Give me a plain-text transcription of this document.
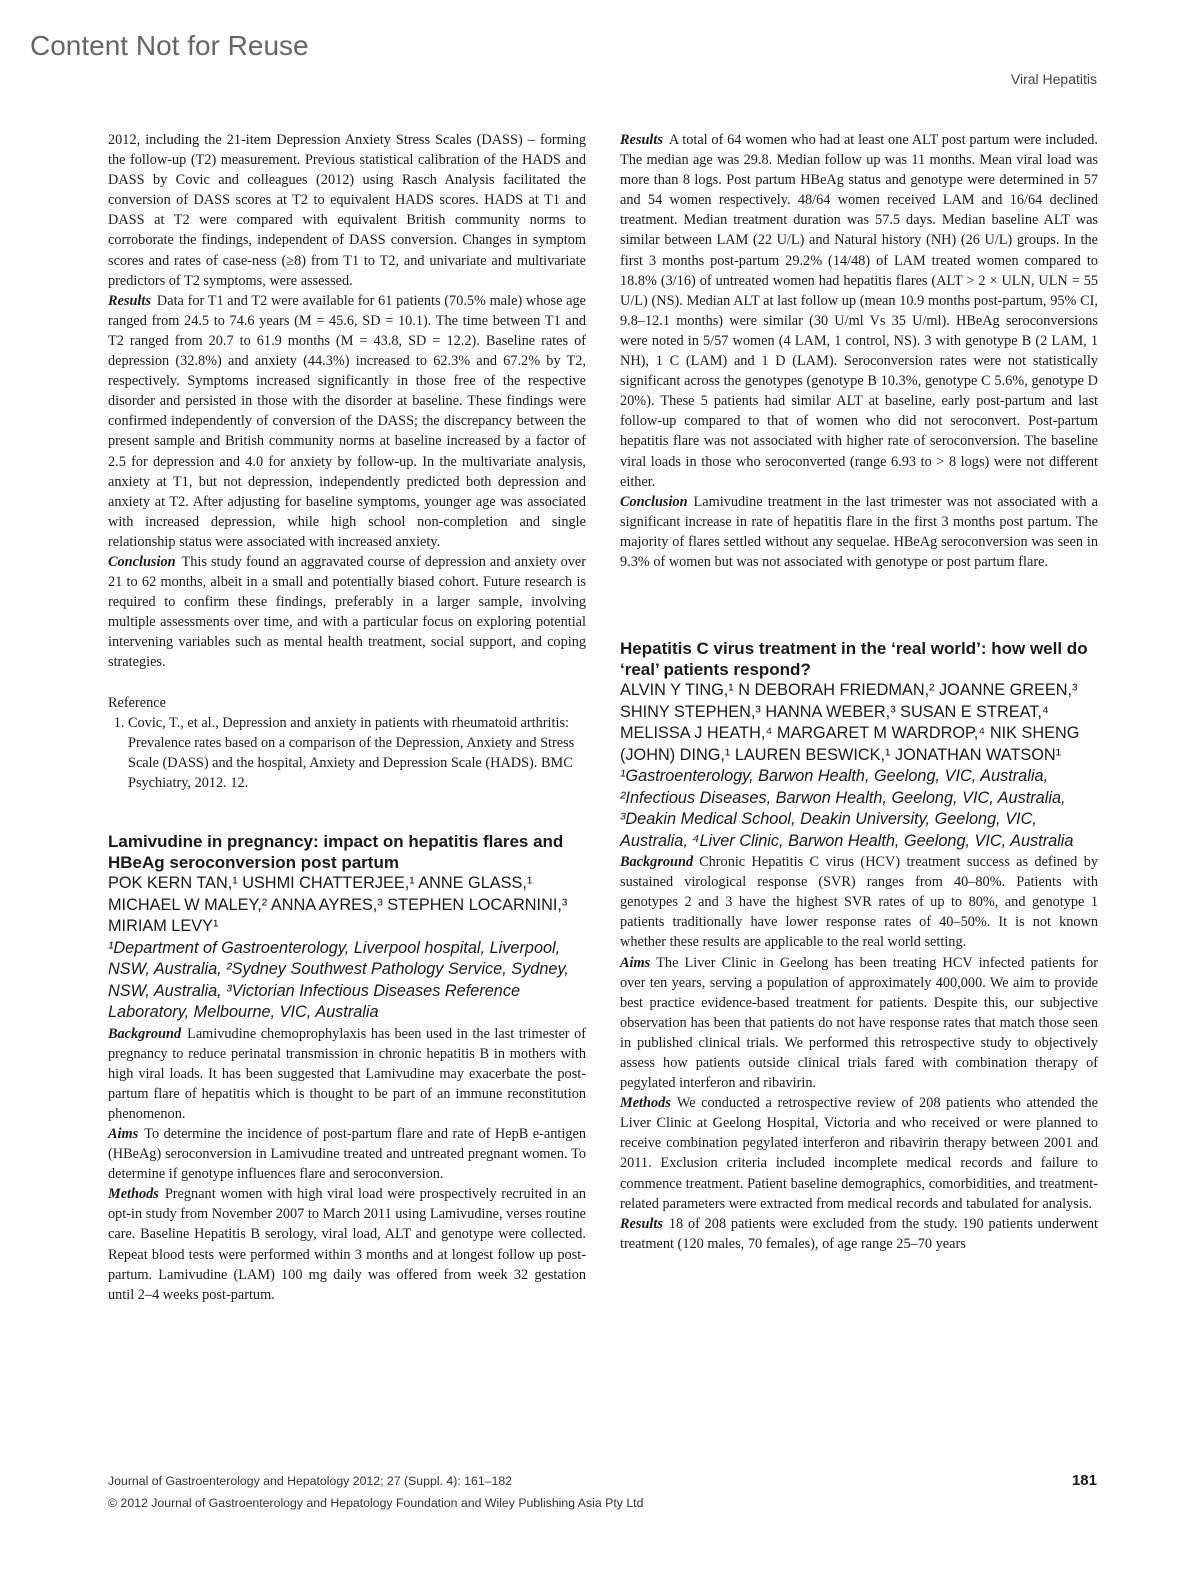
Content Not for Reuse
Viral Hepatitis

2012, including the 21-item Depression Anxiety Stress Scales (DASS) – forming the follow-up (T2) measurement. Previous statistical calibration of the HADS and DASS by Covic and colleagues (2012) using Rasch Analysis facilitated the conversion of DASS scores at T2 to equivalent HADS scores. HADS at T1 and DASS at T2 were compared with equivalent British community norms to corroborate the findings, independent of DASS conversion. Changes in symptom scores and rates of case-ness (≥8) from T1 to T2, and univariate and multivariate predictors of T2 symptoms, were assessed.

Results Data for T1 and T2 were available for 61 patients (70.5% male) whose age ranged from 24.5 to 74.6 years (M = 45.6, SD = 10.1). The time between T1 and T2 ranged from 20.7 to 61.9 months (M = 43.8, SD = 12.2). Baseline rates of depression (32.8%) and anxiety (44.3%) increased to 62.3% and 67.2% by T2, respectively. Symptoms increased significantly in those free of the respective disorder and persisted in those with the disorder at baseline. These findings were confirmed independently of conversion of the DASS; the discrepancy between the present sample and British community norms at baseline increased by a factor of 2.5 for depression and 4.0 for anxiety by follow-up. In the multivariate analysis, anxiety at T1, but not depression, independently predicted both depression and anxiety at T2. After adjusting for baseline symptoms, younger age was associated with increased depression, while high school non-completion and single relationship status were associated with increased anxiety.

Conclusion This study found an aggravated course of depression and anxiety over 21 to 62 months, albeit in a small and potentially biased cohort. Future research is required to confirm these findings, preferably in a larger sample, involving multiple assessments over time, and with a particular focus on exploring potential intervening variables such as mental health treatment, social support, and coping strategies.

Reference

1. Covic, T., et al., Depression and anxiety in patients with rheumatoid arthritis: Prevalence rates based on a comparison of the Depression, Anxiety and Stress Scale (DASS) and the hospital, Anxiety and Depression Scale (HADS). BMC Psychiatry, 2012. 12.
Lamivudine in pregnancy: impact on hepatitis flares and HBeAg seroconversion post partum

POK KERN TAN,¹ USHMI CHATTERJEE,¹ ANNE GLASS,¹ MICHAEL W MALEY,² ANNA AYRES,³ STEPHEN LOCARNINI,³ MIRIAM LEVY¹

¹Department of Gastroenterology, Liverpool hospital, Liverpool, NSW, Australia, ²Sydney Southwest Pathology Service, Sydney, NSW, Australia, ³Victorian Infectious Diseases Reference Laboratory, Melbourne, VIC, Australia

Background Lamivudine chemoprophylaxis has been used in the last trimester of pregnancy to reduce perinatal transmission in chronic hepatitis B in mothers with high viral loads. It has been suggested that Lamivudine may exacerbate the post-partum flare of hepatitis which is thought to be part of an immune reconstitution phenomenon.

Aims To determine the incidence of post-partum flare and rate of HepB e-antigen (HBeAg) seroconversion in Lamivudine treated and untreated pregnant women. To determine if genotype influences flare and seroconversion.

Methods Pregnant women with high viral load were prospectively recruited in an opt-in study from November 2007 to March 2011 using Lamivudine, verses routine care. Baseline Hepatitis B serology, viral load, ALT and genotype were collected. Repeat blood tests were performed within 3 months and at longest follow up post-partum. Lamivudine (LAM) 100 mg daily was offered from week 32 gestation until 2–4 weeks post-partum.

Results A total of 64 women who had at least one ALT post partum were included. The median age was 29.8. Median follow up was 11 months. Mean viral load was more than 8 logs. Post partum HBeAg status and genotype were determined in 57 and 54 women respectively. 48/64 women received LAM and 16/64 declined treatment. Median treatment duration was 57.5 days. Median baseline ALT was similar between LAM (22 U/L) and Natural history (NH) (26 U/L) groups. In the first 3 months post-partum 29.2% (14/48) of LAM treated women compared to 18.8% (3/16) of untreated women had hepatitis flares (ALT > 2 × ULN, ULN = 55 U/L) (NS). Median ALT at last follow up (mean 10.9 months post-partum, 95% CI, 9.8–12.1 months) were similar (30 U/ml Vs 35 U/ml). HBeAg seroconversions were noted in 5/57 women (4 LAM, 1 control, NS). 3 with genotype B (2 LAM, 1 NH), 1 C (LAM) and 1 D (LAM). Seroconversion rates were not statistically significant across the genotypes (genotype B 10.3%, genotype C 5.6%, genotype D 20%). These 5 patients had similar ALT at baseline, early post-partum and last follow-up compared to that of women who did not seroconvert. Post-partum hepatitis flare was not associated with higher rate of seroconversion. The baseline viral loads in those who seroconverted (range 6.93 to > 8 logs) were not different either.

Conclusion Lamivudine treatment in the last trimester was not associated with a significant increase in rate of hepatitis flare in the first 3 months post partum. The majority of flares settled without any sequelae. HBeAg seroconversion was seen in 9.3% of women but was not associated with genotype or post partum flare.

Hepatitis C virus treatment in the ‘real world’: how well do ‘real’ patients respond?

ALVIN Y TING,¹ N DEBORAH FRIEDMAN,² JOANNE GREEN,³ SHINY STEPHEN,³ HANNA WEBER,³ SUSAN E STREAT,⁴ MELISSA J HEATH,⁴ MARGARET M WARDROP,⁴ NIK SHENG (JOHN) DING,¹ LAUREN BESWICK,¹ JONATHAN WATSON¹

¹Gastroenterology, Barwon Health, Geelong, VIC, Australia, ²Infectious Diseases, Barwon Health, Geelong, VIC, Australia, ³Deakin Medical School, Deakin University, Geelong, VIC, Australia, ⁴Liver Clinic, Barwon Health, Geelong, VIC, Australia

Background Chronic Hepatitis C virus (HCV) treatment success as defined by sustained virological response (SVR) ranges from 40–80%. Patients with genotypes 2 and 3 have the highest SVR rates of up to 80%, and genotype 1 patients traditionally have lower response rates of 40–50%. It is not known whether these results are applicable to the real world setting.

Aims The Liver Clinic in Geelong has been treating HCV infected patients for over ten years, serving a population of approximately 400,000. We aim to provide best practice evidence-based treatment for patients. Despite this, our subjective observation has been that patients do not have response rates that match those seen in published clinical trials. We performed this retrospective study to objectively assess how patients outside clinical trials fared with combination therapy of pegylated interferon and ribavirin.

Methods We conducted a retrospective review of 208 patients who attended the Liver Clinic at Geelong Hospital, Victoria and who received or were planned to receive combination pegylated interferon and ribavirin therapy between 2001 and 2011. Exclusion criteria included incomplete medical records and failure to commence treatment. Patient baseline demographics, comorbidities, and treatment-related parameters were extracted from medical records and tabulated for analysis.

Results 18 of 208 patients were excluded from the study. 190 patients underwent treatment (120 males, 70 females), of age range 25–70 years

Journal of Gastroenterology and Hepatology 2012; 27 (Suppl. 4): 161–182
© 2012 Journal of Gastroenterology and Hepatology Foundation and Wiley Publishing Asia Pty Ltd
181
